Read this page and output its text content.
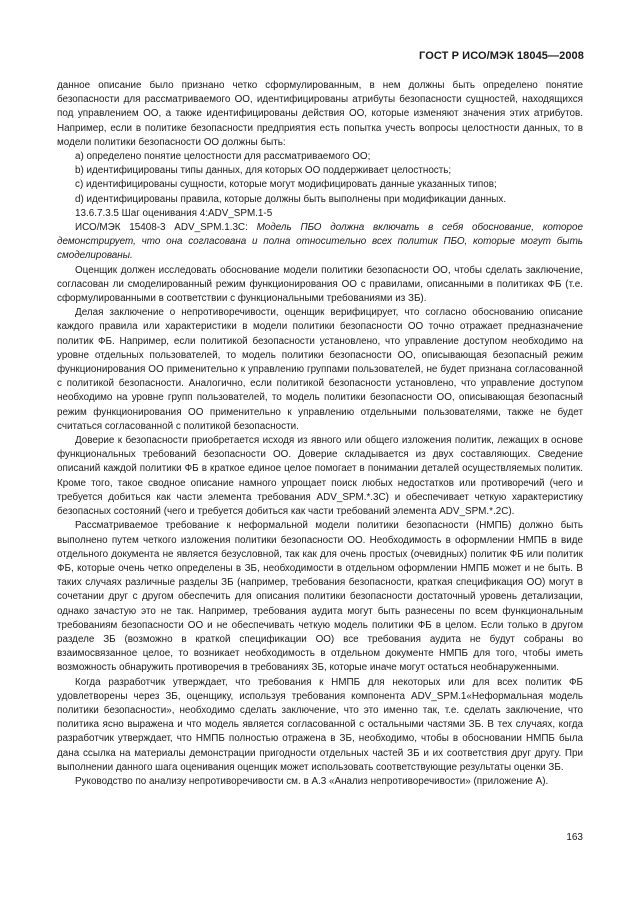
ГОСТ Р ИСО/МЭК 18045—2008

данное описание было признано четко сформулированным, в нем должны быть определено понятие безопасности для рассматриваемого ОО, идентифицированы атрибуты безопасности сущностей, находящихся под управлением ОО, а также идентифицированы действия ОО, которые изменяют значения этих атрибутов. Например, если в политике безопасности предприятия есть попытка учесть вопросы целостности данных, то в модели политики безопасности ОО должны быть:

a) определено понятие целостности для рассматриваемого ОО;

b) идентифицированы типы данных, для которых ОО поддерживает целостность;

c) идентифицированы сущности, которые могут модифицировать данные указанных типов;

d) идентифицированы правила, которые должны быть выполнены при модификации данных.

13.6.7.3.5 Шаг оценивания 4:ADV_SPM.1-5

ИСО/МЭК 15408-3 ADV_SPM.1.3C: Модель ПБО должна включать в себя обоснование, которое демонстрирует, что она согласована и полна относительно всех политик ПБО, которые могут быть смоделированы.

Оценщик должен исследовать обоснование модели политики безопасности ОО, чтобы сделать заключение, согласован ли смоделированный режим функционирования ОО с правилами, описанными в политиках ФБ (т.е. сформулированными в соответствии с функциональными требованиями из ЗБ).

Делая заключение о непротиворечивости, оценщик верифицирует, что согласно обоснованию описание каждого правила или характеристики в модели политики безопасности ОО точно отражает предназначение политик ФБ. Например, если политикой безопасности установлено, что управление доступом необходимо на уровне отдельных пользователей, то модель политики безопасности ОО, описывающая безопасный режим функционирования ОО применительно к управлению группами пользователей, не будет признана согласованной с политикой безопасности. Аналогично, если политикой безопасности установлено, что управление доступом необходимо на уровне групп пользователей, то модель политики безопасности ОО, описывающая безопасный режим функционирования ОО применительно к управлению отдельными пользователями, также не будет считаться согласованной с политикой безопасности.

Доверие к безопасности приобретается исходя из явного или общего изложения политик, лежащих в основе функциональных требований безопасности ОО. Доверие складывается из двух составляющих. Сведение описаний каждой политики ФБ в краткое единое целое помогает в понимании деталей осуществляемых политик. Кроме того, такое сводное описание намного упрощает поиск любых недостатков или противоречий (чего и требуется добиться как части элемента требования ADV_SPM.*.3C) и обеспечивает четкую характеристику безопасных состояний (чего и требуется добиться как части требований элемента ADV_SPM.*.2C).

Рассматриваемое требование к неформальной модели политики безопасности (НМПБ) должно быть выполнено путем четкого изложения политики безопасности ОО. Необходимость в оформлении НМПБ в виде отдельного документа не является безусловной, так как для очень простых (очевидных) политик ФБ или политик ФБ, которые очень четко определены в ЗБ, необходимости в отдельном оформлении НМПБ может и не быть. В таких случаях различные разделы ЗБ (например, требования безопасности, краткая спецификация ОО) могут в сочетании друг с другом обеспечить для описания политики безопасности достаточный уровень детализации, однако зачастую это не так. Например, требования аудита могут быть разнесены по всем функциональным требованиям безопасности ОО и не обеспечивать четкую модель политики ФБ в целом. Если только в другом разделе ЗБ (возможно в краткой спецификации ОО) все требования аудита не будут собраны во взаимосвязанное целое, то возникает необходимость в отдельном документе НМПБ для того, чтобы иметь возможность обнаружить противоречия в требованиях ЗБ, которые иначе могут остаться необнаруженными.

Когда разработчик утверждает, что требования к НМПБ для некоторых или для всех политик ФБ удовлетворены через ЗБ, оценщику, используя требования компонента ADV_SPM.1«Неформальная модель политики безопасности», необходимо сделать заключение, что это именно так, т.е. сделать заключение, что политика ясно выражена и что модель является согласованной с остальными частями ЗБ. В тех случаях, когда разработчик утверждает, что НМПБ полностью отражена в ЗБ, необходимо, чтобы в обосновании НМПБ была дана ссылка на материалы демонстрации пригодности отдельных частей ЗБ и их соответствия друг другу. При выполнении данного шага оценивания оценщик может использовать соответствующие результаты оценки ЗБ.

Руководство по анализу непротиворечивости см. в А.3 «Анализ непротиворечивости» (приложение А).

163
